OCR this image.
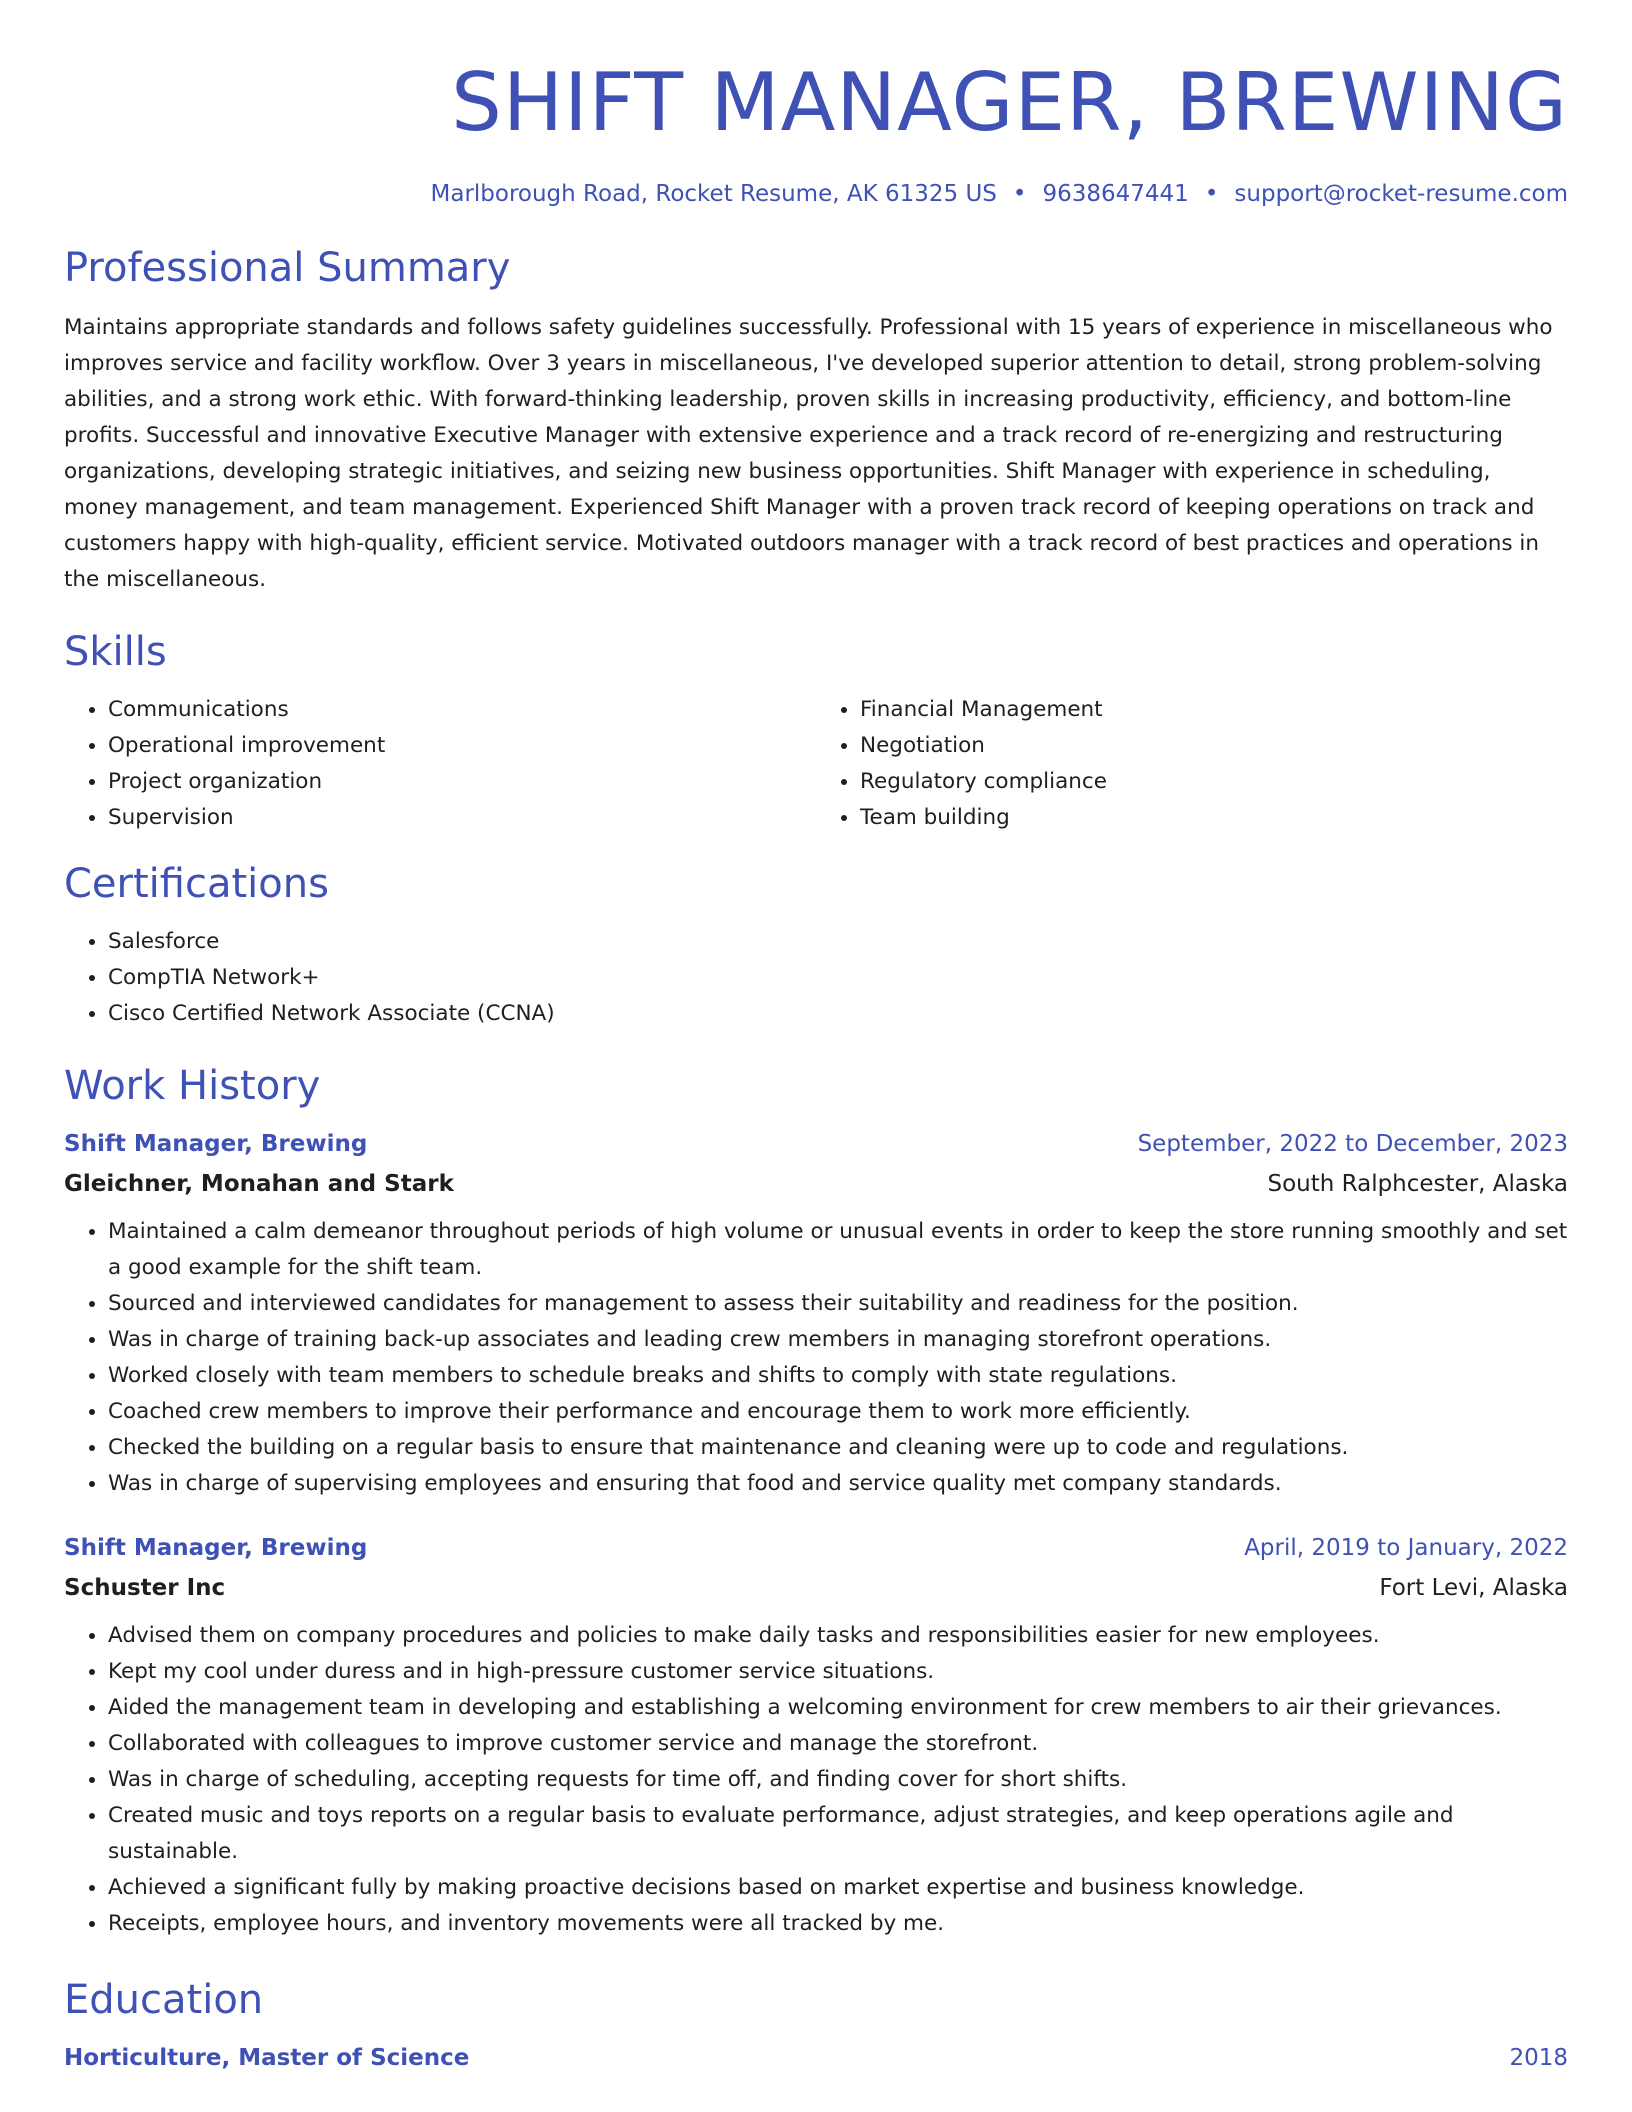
SHIFT MANAGER, BREWING
Marlborough Road, Rocket Resume, AK 61325 US • 9638647441 • support@rocket-resume.com
Professional Summary

Maintains appropriate standards and follows safety guidelines successfully. Professional with 15 years of experience in miscellaneous who improves service and facility workflow. Over 3 years in miscellaneous, I've developed superior attention to detail, strong problem-solving abilities, and a strong work ethic. With forward-thinking leadership, proven skills in increasing productivity, efficiency, and bottom-line profits. Successful and innovative Executive Manager with extensive experience and a track record of re-energizing and restructuring organizations, developing strategic initiatives, and seizing new business opportunities. Shift Manager with experience in scheduling, money management, and team management. Experienced Shift Manager with a proven track record of keeping operations on track and customers happy with high-quality, efficient service. Motivated outdoors manager with a track record of best practices and operations in the miscellaneous.

Skills
• Communications
• Operational improvement
• Project organization
• Supervision
• Financial Management
• Negotiation
• Regulatory compliance
• Team building
Certifications
• Salesforce
• CompTIA Network+
• Cisco Certified Network Associate (CCNA)
Work History
Shift Manager, Brewing	September, 2022 to December, 2023
Gleichner, Monahan and Stark	South Ralphcester, Alaska
• Maintained a calm demeanor throughout periods of high volume or unusual events in order to keep the store running smoothly and set a good example for the shift team.
• Sourced and interviewed candidates for management to assess their suitability and readiness for the position.
• Was in charge of training back-up associates and leading crew members in managing storefront operations.
• Worked closely with team members to schedule breaks and shifts to comply with state regulations.
• Coached crew members to improve their performance and encourage them to work more efficiently.
• Checked the building on a regular basis to ensure that maintenance and cleaning were up to code and regulations.
• Was in charge of supervising employees and ensuring that food and service quality met company standards.
Shift Manager, Brewing	April, 2019 to January, 2022
Schuster Inc	Fort Levi, Alaska
• Advised them on company procedures and policies to make daily tasks and responsibilities easier for new employees.
• Kept my cool under duress and in high-pressure customer service situations.
• Aided the management team in developing and establishing a welcoming environment for crew members to air their grievances.
• Collaborated with colleagues to improve customer service and manage the storefront.
• Was in charge of scheduling, accepting requests for time off, and finding cover for short shifts.
• Created music and toys reports on a regular basis to evaluate performance, adjust strategies, and keep operations agile and sustainable.
• Achieved a significant fully by making proactive decisions based on market expertise and business knowledge.
• Receipts, employee hours, and inventory movements were all tracked by me.
Education
Horticulture, Master of Science	2018
